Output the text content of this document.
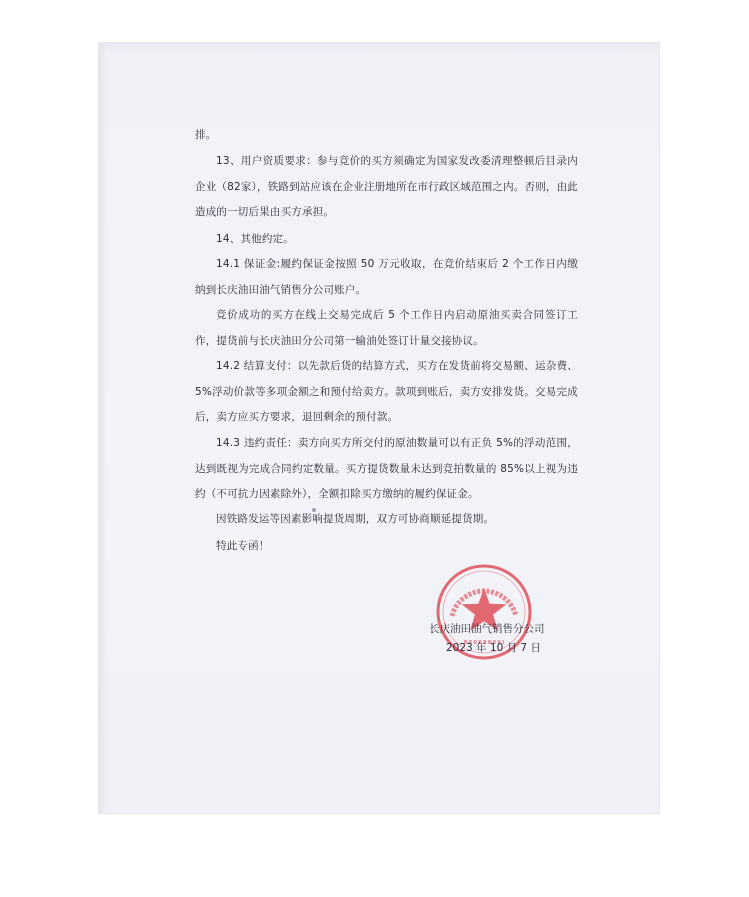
排。

13、用户资质要求：参与竞价的买方须确定为国家发改委清理整顿后目录内企业（82家），铁路到站应该在企业注册地所在市行政区域范围之内。否则，由此造成的一切后果由买方承担。

14、其他约定。

14.1 保证金:履约保证金按照 50 万元收取，在竞价结束后 2 个工作日内缴纳到长庆油田油气销售分公司账户。

竞价成功的买方在线上交易完成后 5 个工作日内启动原油买卖合同签订工作，提货前与长庆油田分公司第一输油处签订计量交接协议。

14.2 结算支付：以先款后货的结算方式，买方在发货前将交易额、运杂费、5%浮动价款等多项金额之和预付给卖方。款项到账后，卖方安排发货。交易完成后，卖方应买方要求，退回剩余的预付款。

14.3 违约责任：卖方向买方所交付的原油数量可以有正负 5%的浮动范围，达到既视为完成合同约定数量。买方提货数量未达到竞拍数量的 85%以上视为违约（不可抗力因素除外），全额扣除买方缴纳的履约保证金。

因铁路发运等因素影响提货周期，双方可协商顺延提货期。

特此专函！

长庆油田油气销售分公司
2023 年 10 月 7 日
